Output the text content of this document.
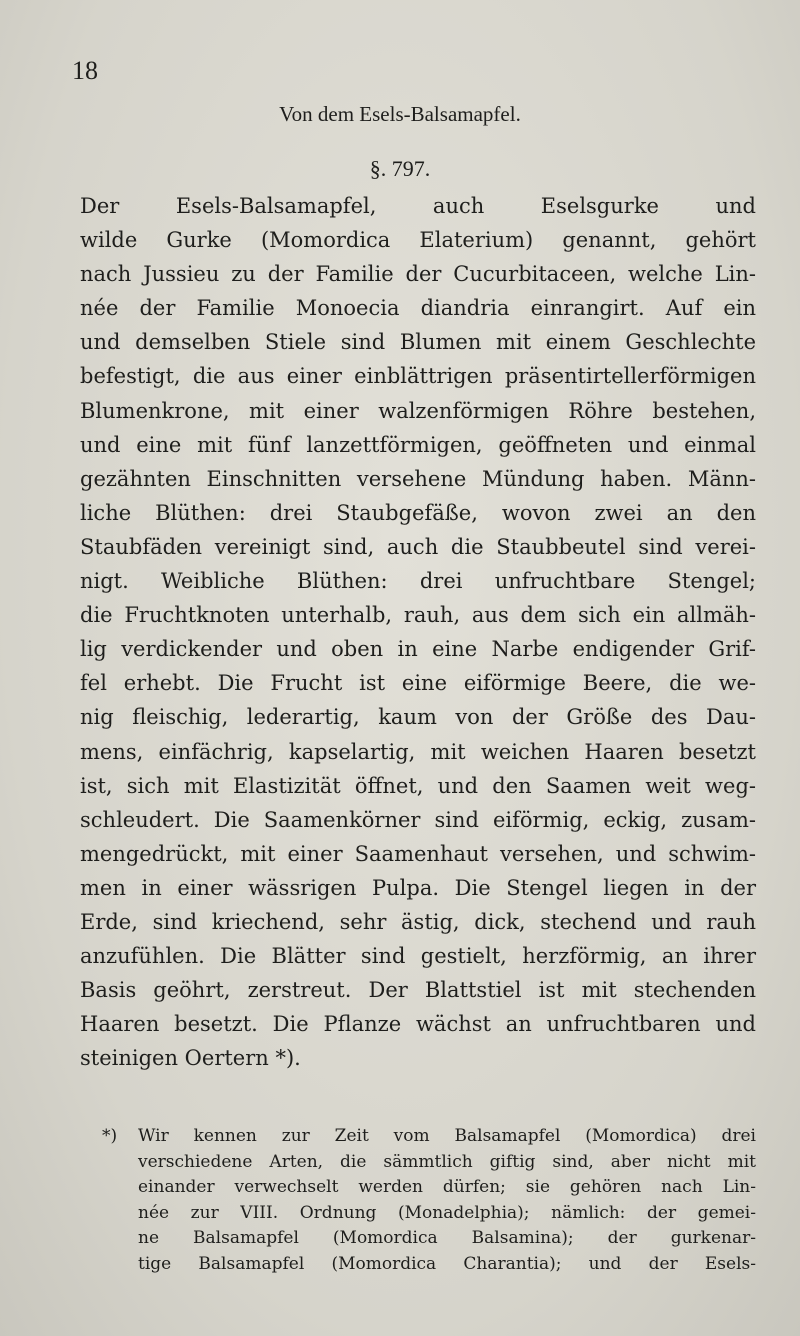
18
Von dem Esels-Balsamapfel.
§. 797.
Der Esels-Balsamapfel, auch Eselsgurke und
wilde Gurke (Momordica Elaterium) genannt, gehört
nach Jussieu zu der Familie der Cucurbitaceen, welche Lin-
née der Familie Monoecia diandria einrangirt. Auf ein
und demselben Stiele sind Blumen mit einem Geschlechte
befestigt, die aus einer einblättrigen präsentirtellerförmigen
Blumenkrone, mit einer walzenförmigen Röhre bestehen,
und eine mit fünf lanzettförmigen, geöffneten und einmal
gezähnten Einschnitten versehene Mündung haben. Männ-
liche Blüthen: drei Staubgefäße, wovon zwei an den
Staubfäden vereinigt sind, auch die Staubbeutel sind verei-
nigt. Weibliche Blüthen: drei unfruchtbare Stengel;
die Fruchtknoten unterhalb, rauh, aus dem sich ein allmäh-
lig verdickender und oben in eine Narbe endigender Grif-
fel erhebt. Die Frucht ist eine eiförmige Beere, die we-
nig fleischig, lederartig, kaum von der Größe des Dau-
mens, einfächrig, kapselartig, mit weichen Haaren besetzt
ist, sich mit Elastizität öffnet, und den Saamen weit weg-
schleudert. Die Saamenkörner sind eiförmig, eckig, zusam-
mengedrückt, mit einer Saamenhaut versehen, und schwim-
men in einer wässrigen Pulpa. Die Stengel liegen in der
Erde, sind kriechend, sehr ästig, dick, stechend und rauh
anzufühlen. Die Blätter sind gestielt, herzförmig, an ihrer
Basis geöhrt, zerstreut. Der Blattstiel ist mit stechenden
Haaren besetzt. Die Pflanze wächst an unfruchtbaren und
steinigen Oertern *).
*)	Wir kennen zur Zeit vom Balsamapfel (Momordica) drei
verschiedene Arten, die sämmtlich giftig sind, aber nicht mit
einander verwechselt werden dürfen; sie gehören nach Lin-
née zur VIII. Ordnung (Monadelphia); nämlich: der gemei-
ne Balsamapfel (Momordica Balsamina); der gurkenar-
tige Balsamapfel (Momordica Charantia); und der Esels-
